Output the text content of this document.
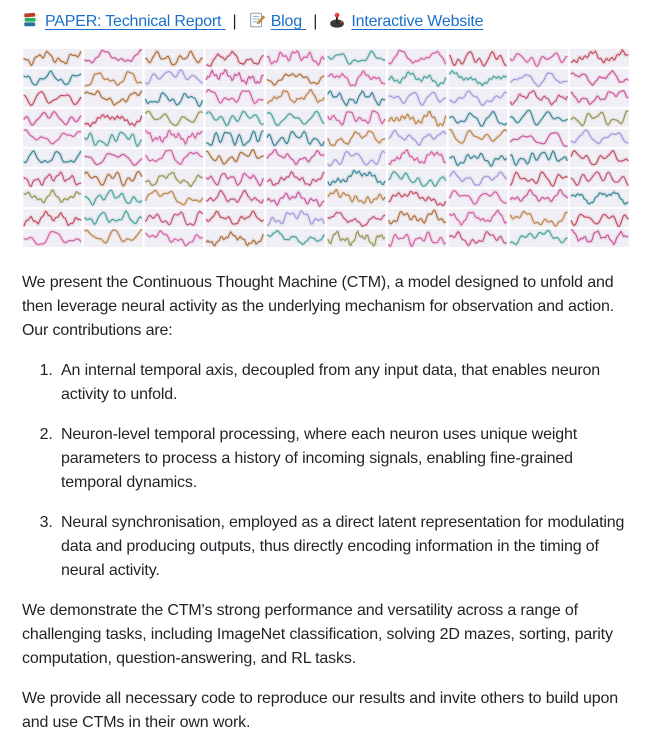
PAPER: Technical Report | Blog | Interactive Website

We present the Continuous Thought Machine (CTM), a model designed to unfold and then leverage neural activity as the underlying mechanism for observation and action. Our contributions are:

1. An internal temporal axis, decoupled from any input data, that enables neuron activity to unfold.
2. Neuron-level temporal processing, where each neuron uses unique weight parameters to process a history of incoming signals, enabling fine-grained temporal dynamics.
3. Neural synchronisation, employed as a direct latent representation for modulating data and producing outputs, thus directly encoding information in the timing of neural activity.

We demonstrate the CTM's strong performance and versatility across a range of challenging tasks, including ImageNet classification, solving 2D mazes, sorting, parity computation, question-answering, and RL tasks.

We provide all necessary code to reproduce our results and invite others to build upon and use CTMs in their own work.
